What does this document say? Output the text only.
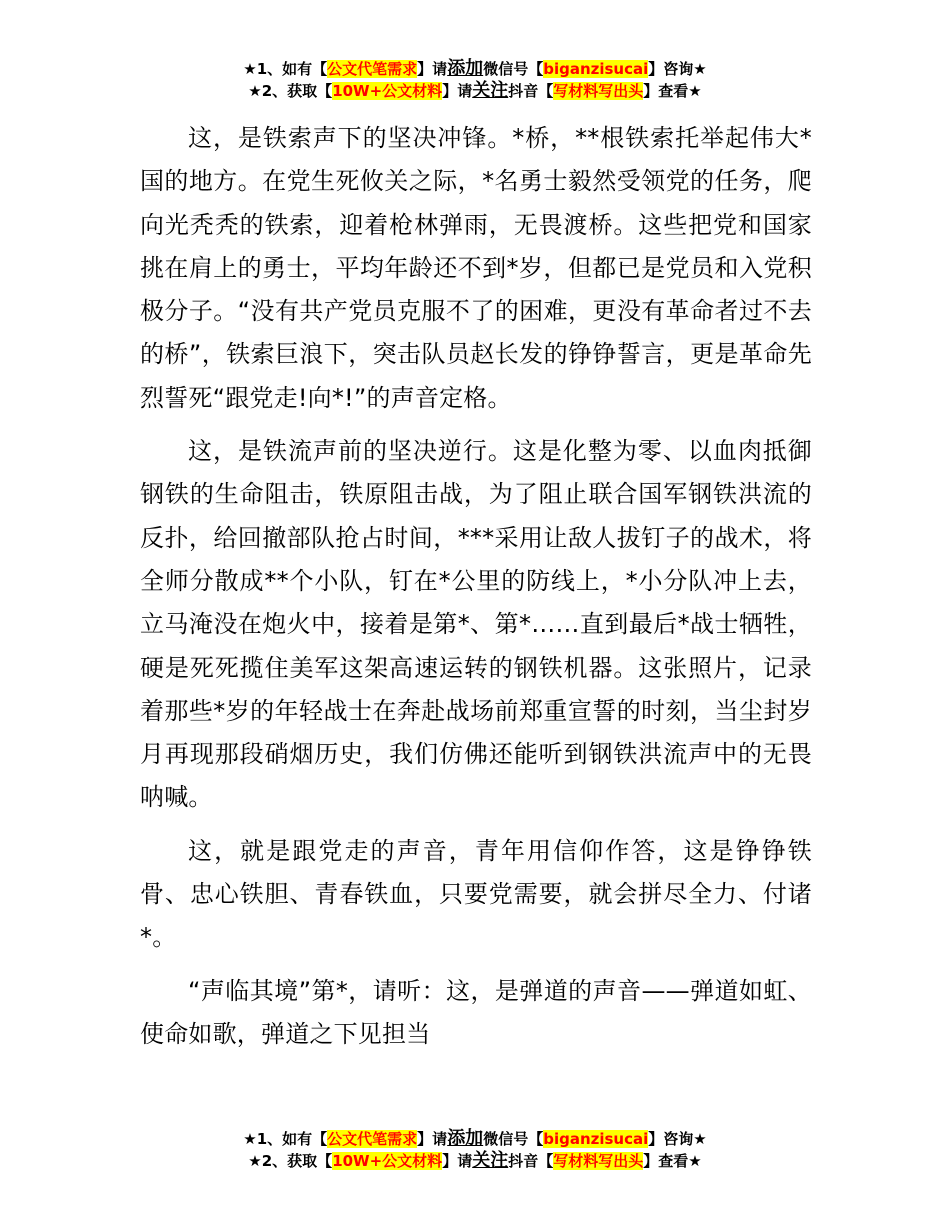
★1、如有【公文代笔需求】请添加微信号【biganzisucai】咨询★
★2、获取【10W+公文材料】请关注抖音【写材料写出头】查看★

这，是铁索声下的坚决冲锋。*桥，**根铁索托举起伟大*国的地方。在党生死攸关之际，*名勇士毅然受领党的任务，爬向光秃秃的铁索，迎着枪林弹雨，无畏渡桥。这些把党和国家挑在肩上的勇士，平均年龄还不到*岁，但都已是党员和入党积极分子。“没有共产党员克服不了的困难，更没有革命者过不去的桥”，铁索巨浪下，突击队员赵长发的铮铮誓言，更是革命先烈誓死“跟党走!向*!”的声音定格。

这，是铁流声前的坚决逆行。这是化整为零、以血肉抵御钢铁的生命阻击，铁原阻击战，为了阻止联合国军钢铁洪流的反扑，给回撤部队抢占时间，***采用让敌人拔钉子的战术，将全师分散成**个小队，钉在*公里的防线上，*小分队冲上去，立马淹没在炮火中，接着是第*、第*……直到最后*战士牺牲，硬是死死揽住美军这架高速运转的钢铁机器。这张照片，记录着那些*岁的年轻战士在奔赴战场前郑重宣誓的时刻，当尘封岁月再现那段硝烟历史，我们仿佛还能听到钢铁洪流声中的无畏呐喊。

这，就是跟党走的声音，青年用信仰作答，这是铮铮铁骨、忠心铁胆、青春铁血，只要党需要，就会拼尽全力、付诸*。

“声临其境”第*，请听：这，是弹道的声音——弹道如虹、使命如歌，弹道之下见担当

★1、如有【公文代笔需求】请添加微信号【biganzisucai】咨询★
★2、获取【10W+公文材料】请关注抖音【写材料写出头】查看★
